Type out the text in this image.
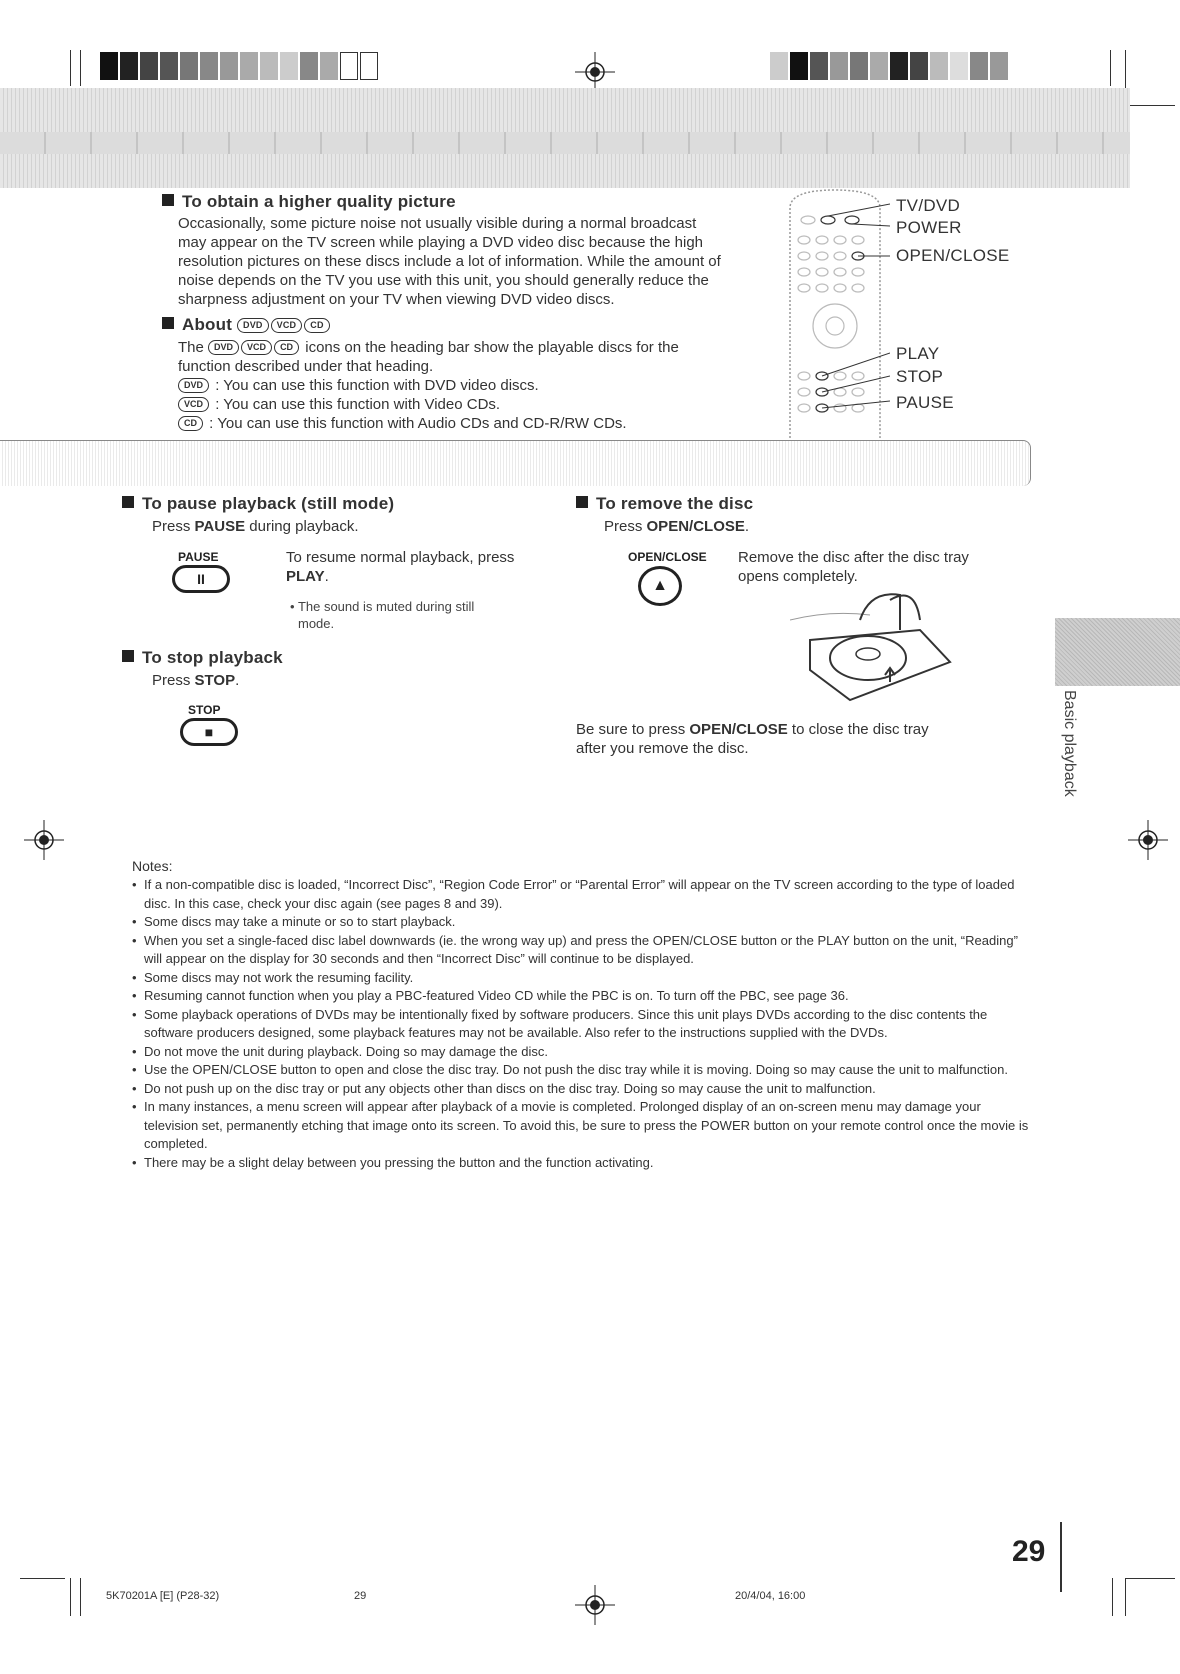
To obtain a higher quality picture
Occasionally, some picture noise not usually visible during a normal broadcast
may appear on the TV screen while playing a DVD video disc because the high
resolution pictures on these discs include a lot of information. While the amount of
noise depends on the TV you use with this unit, you should generally reduce the
sharpness adjustment on your TV when viewing DVD video discs.
About DVD VCD CD
The DVD VCD CD icons on the heading bar show the playable discs for the
function described under that heading.
DVD : You can use this function with DVD video discs.
VCD : You can use this function with Video CDs.
CD : You can use this function with Audio CDs and CD-R/RW CDs.
TV/DVD
POWER
OPEN/CLOSE
PLAY
STOP
PAUSE
To pause playback (still mode)
Press PAUSE during playback.
PAUSE
II
To resume normal playback, press
PLAY.
• The sound is muted during still
mode.
To stop playback
Press STOP.
STOP
■
To remove the disc
Press OPEN/CLOSE.
OPEN/CLOSE
▲
Remove the disc after the disc tray
opens completely.
Be sure to press OPEN/CLOSE to close the disc tray
after you remove the disc.	Basic playback
Notes:
• If a non-compatible disc is loaded, “Incorrect Disc”, “Region Code Error” or “Parental Error” will appear on the TV screen according to the type of loaded disc. In this case, check your disc again (see pages 8 and 39).
• Some discs may take a minute or so to start playback.
• When you set a single-faced disc label downwards (ie. the wrong way up) and press the OPEN/CLOSE button or the PLAY button on the unit, “Reading” will appear on the display for 30 seconds and then “Incorrect Disc” will continue to be displayed.
• Some discs may not work the resuming facility.
• Resuming cannot function when you play a PBC-featured Video CD while the PBC is on. To turn off the PBC, see page 36.
• Some playback operations of DVDs may be intentionally fixed by software producers. Since this unit plays DVDs according to the disc contents the software producers designed, some playback features may not be available. Also refer to the instructions supplied with the DVDs.
• Do not move the unit during playback. Doing so may damage the disc.
• Use the OPEN/CLOSE button to open and close the disc tray. Do not push the disc tray while it is moving. Doing so may cause the unit to malfunction.
• Do not push up on the disc tray or put any objects other than discs on the disc tray. Doing so may cause the unit to malfunction.
• In many instances, a menu screen will appear after playback of a movie is completed. Prolonged display of an on-screen menu may damage your television set, permanently etching that image onto its screen. To avoid this, be sure to press the POWER button on your remote control once the movie is completed.
• There may be a slight delay between you pressing the button and the function activating.
29
5K70201A [E] (P28-32)	29	20/4/04, 16:00
